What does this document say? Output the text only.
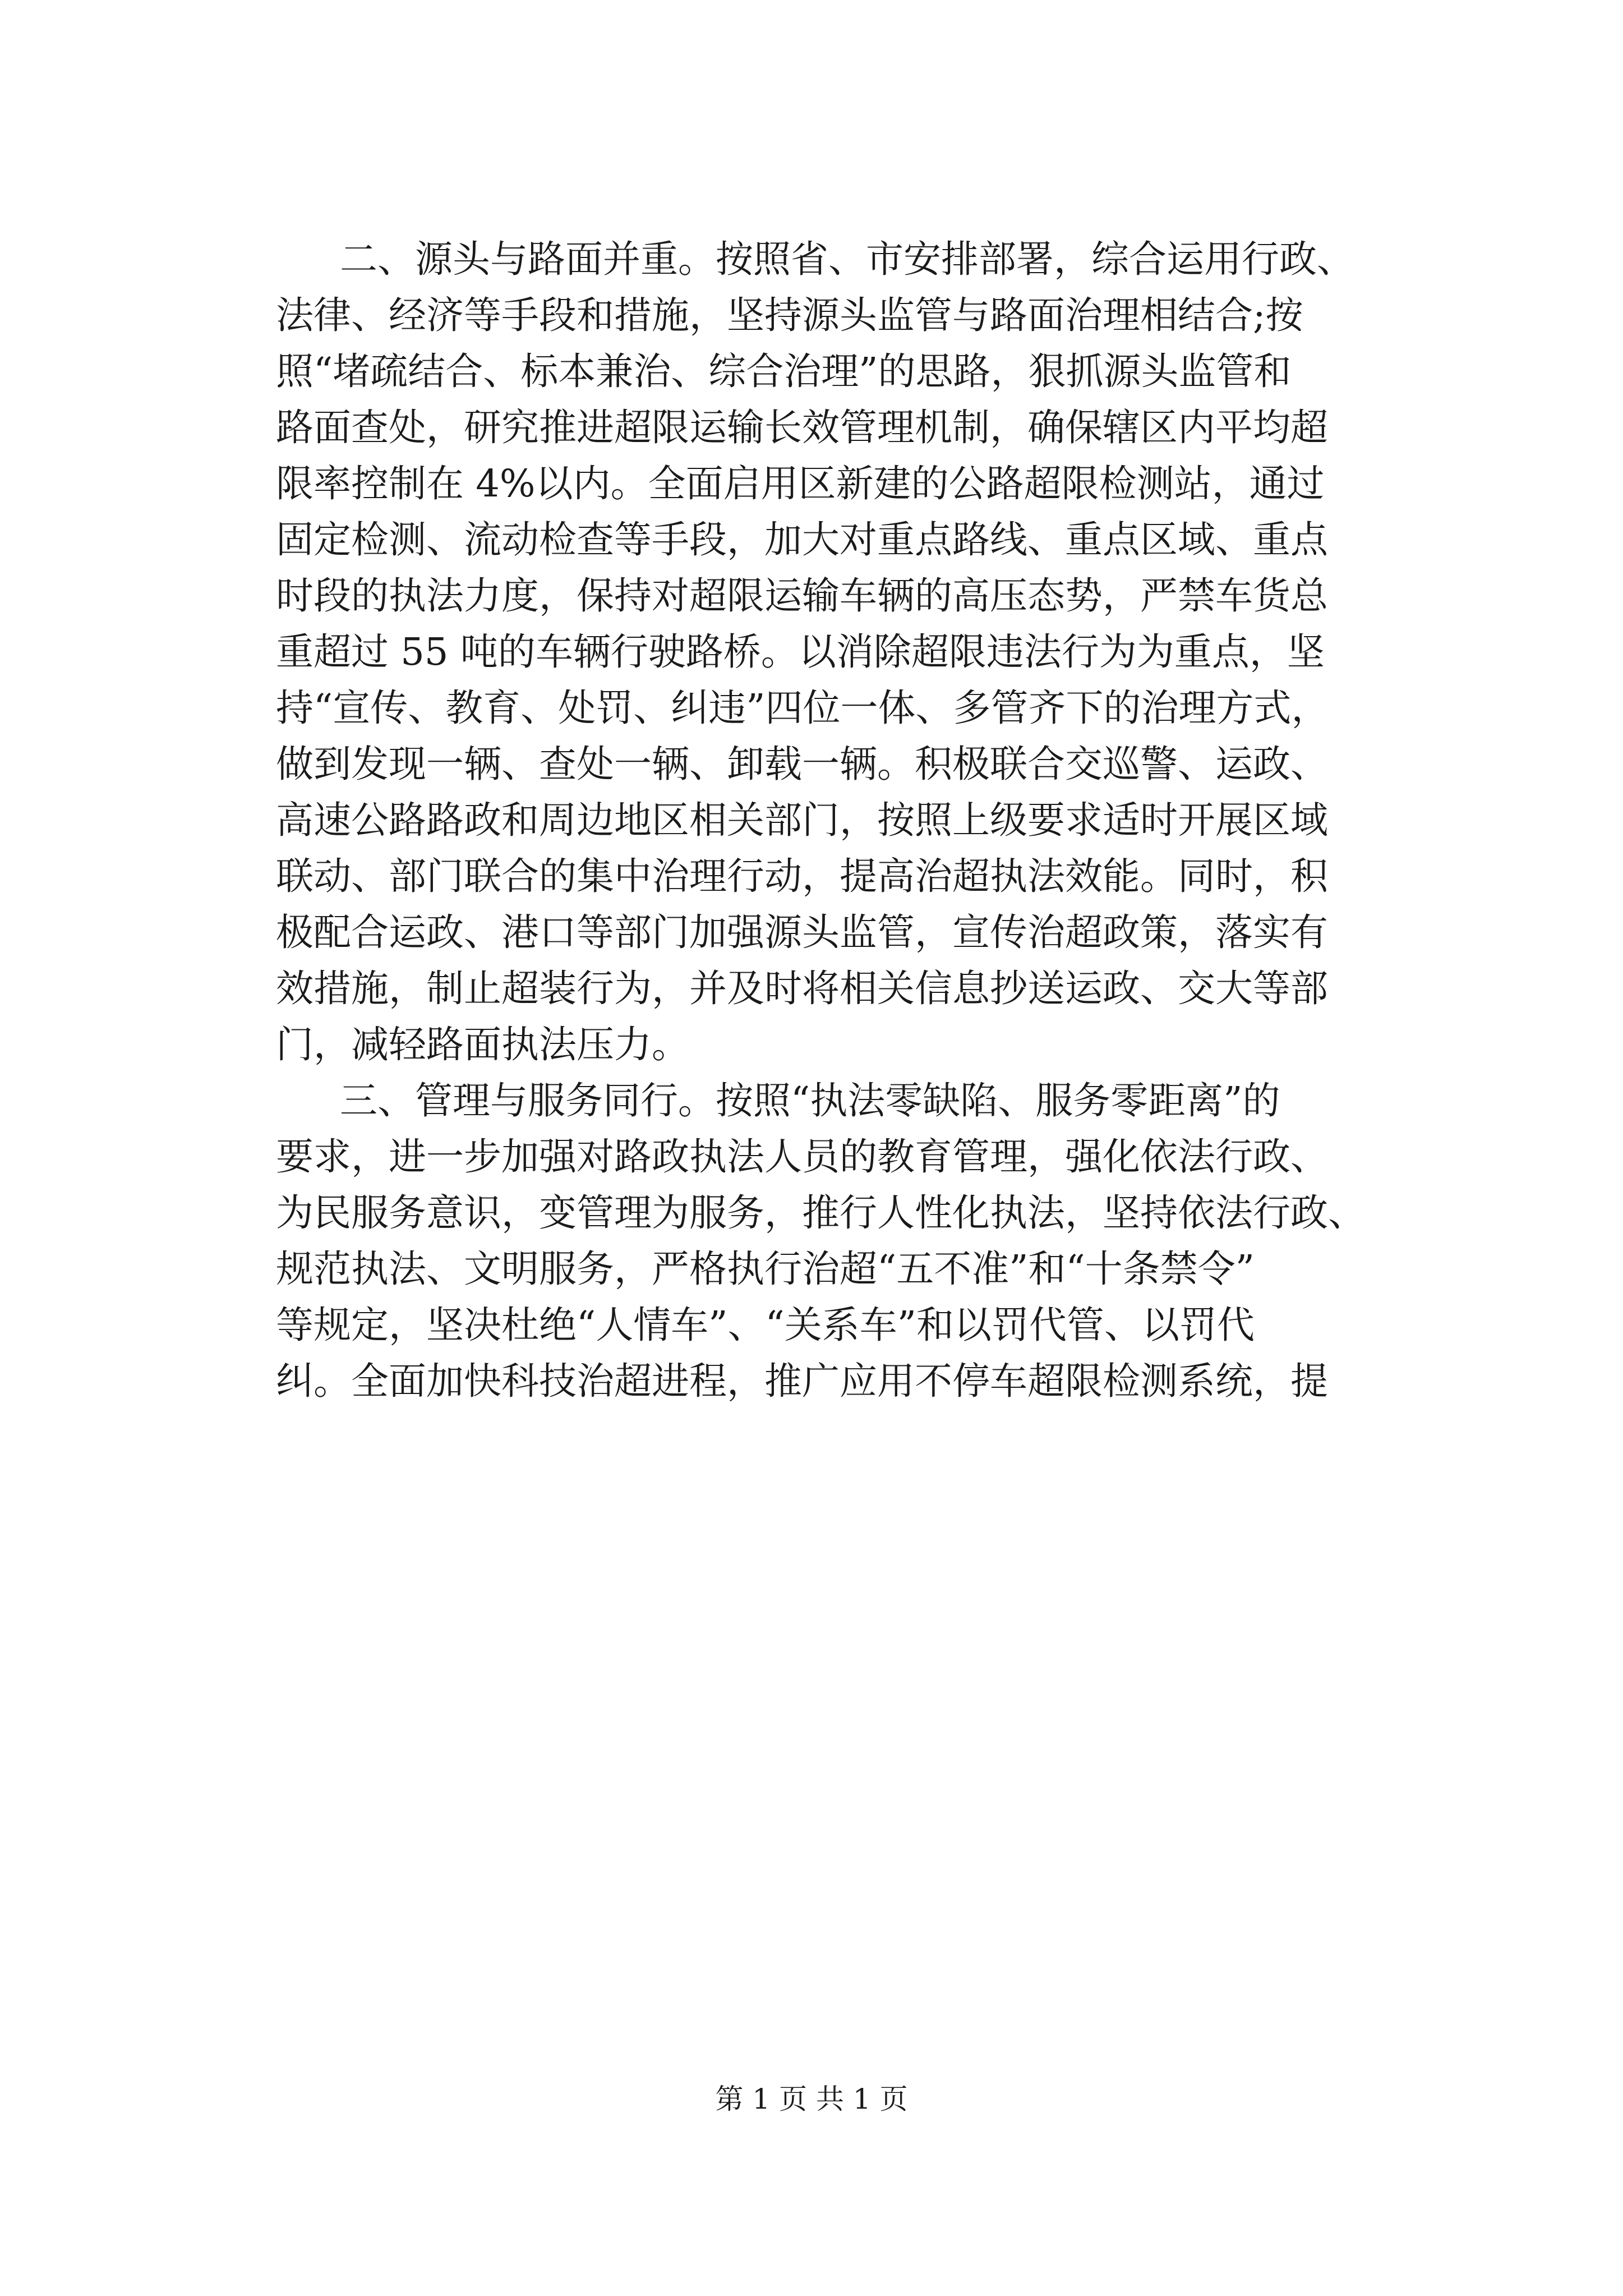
二、源头与路面并重。按照省、市安排部署，综合运用行政、
法律、经济等手段和措施，坚持源头监管与路面治理相结合;按
照“堵疏结合、标本兼治、综合治理”的思路，狠抓源头监管和
路面查处，研究推进超限运输长效管理机制，确保辖区内平均超
限率控制在 4%以内。全面启用区新建的公路超限检测站，通过
固定检测、流动检查等手段，加大对重点路线、重点区域、重点
时段的执法力度，保持对超限运输车辆的高压态势，严禁车货总
重超过 55 吨的车辆行驶路桥。以消除超限违法行为为重点，坚
持“宣传、教育、处罚、纠违”四位一体、多管齐下的治理方式，
做到发现一辆、查处一辆、卸载一辆。积极联合交巡警、运政、
高速公路路政和周边地区相关部门，按照上级要求适时开展区域
联动、部门联合的集中治理行动，提高治超执法效能。同时，积
极配合运政、港口等部门加强源头监管，宣传治超政策，落实有
效措施，制止超装行为，并及时将相关信息抄送运政、交大等部
门，减轻路面执法压力。
三、管理与服务同行。按照“执法零缺陷、服务零距离”的
要求，进一步加强对路政执法人员的教育管理，强化依法行政、
为民服务意识，变管理为服务，推行人性化执法，坚持依法行政、
规范执法、文明服务，严格执行治超“五不准”和“十条禁令”
等规定，坚决杜绝“人情车”、“关系车”和以罚代管、以罚代
纠。全面加快科技治超进程，推广应用不停车超限检测系统，提
第 1 页 共 1 页
